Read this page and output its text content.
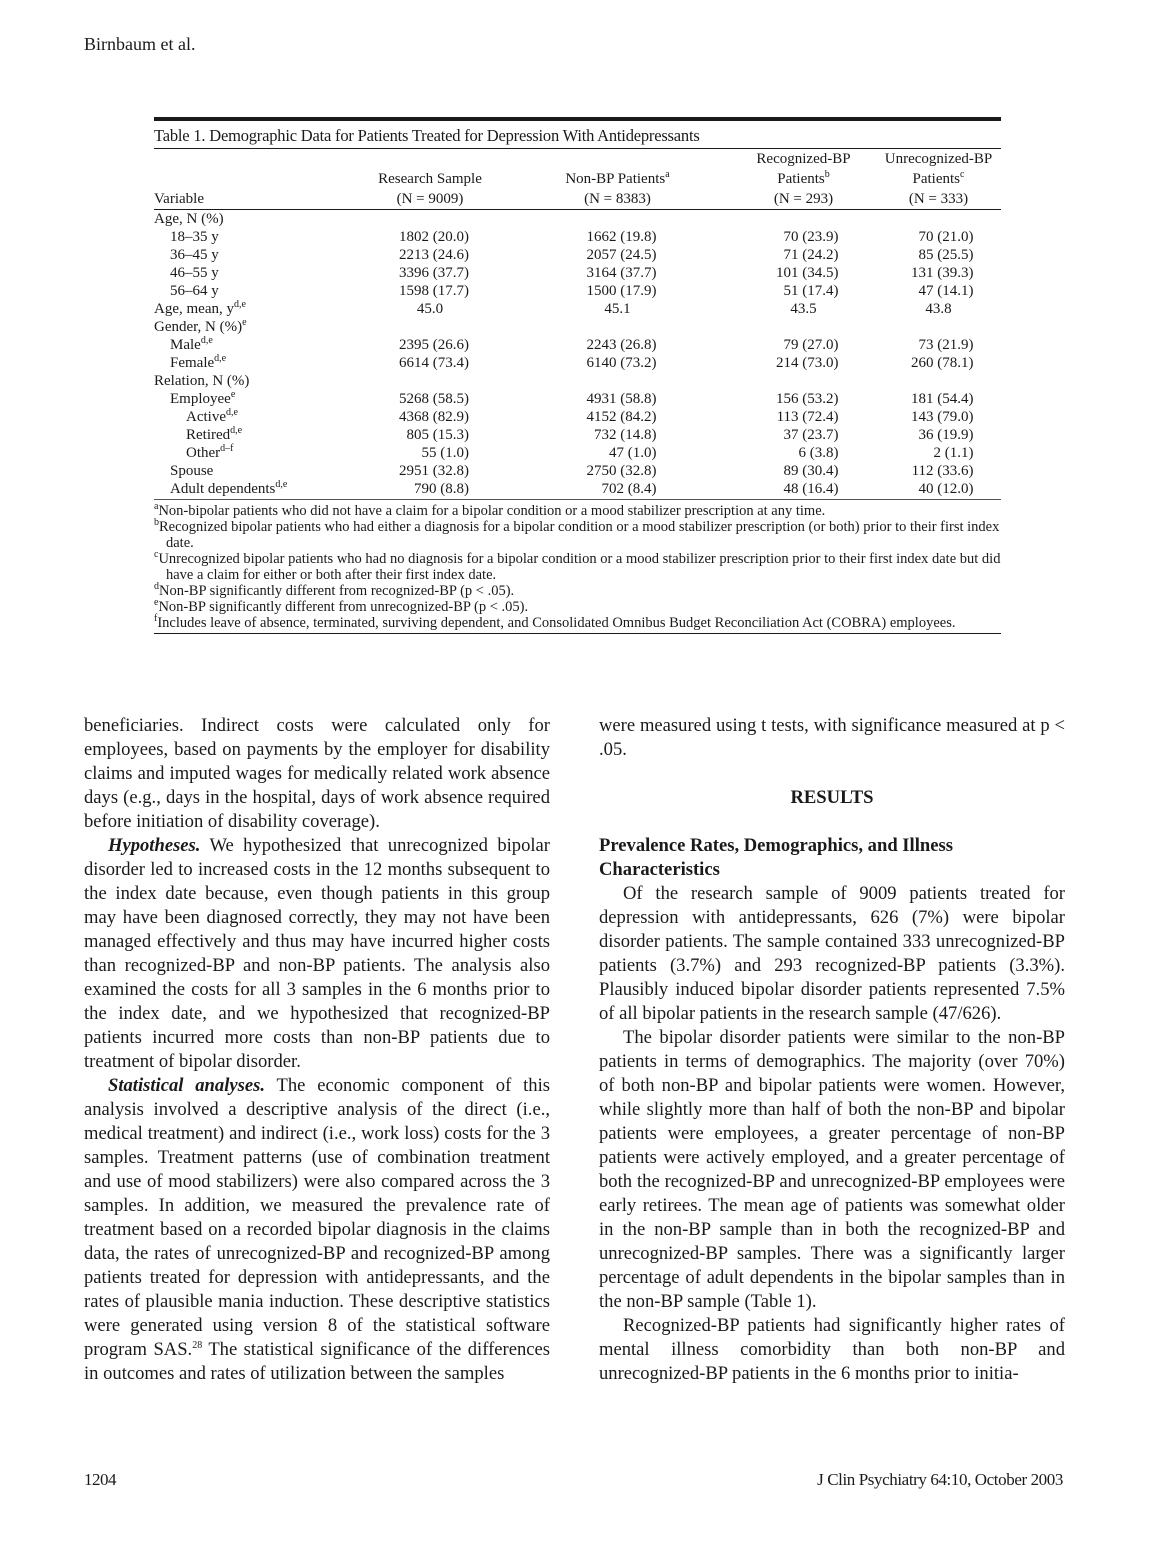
Birnbaum et al.
Table 1. Demographic Data for Patients Treated for Depression With Antidepressants
			Recognized-BP	Unrecognized-BP
	Research Sample	Non-BP Patients$^a$	Patients$^b$	Patients$^c$
Variable	(N = 9009)	(N = 8383)	(N = 293)	(N = 333)
Age, N (%)				
18–35 y	1802 (20.0)	1662 (19.8)	70 (23.9)	70 (21.0)
36–45 y	2213 (24.6)	2057 (24.5)	71 (24.2)	85 (25.5)
46–55 y	3396 (37.7)	3164 (37.7)	101 (34.5)	131 (39.3)
56–64 y	1598 (17.7)	1500 (17.9)	51 (17.4)	47 (14.1)
Age, mean, $y^{d,e}$	45.0	45.1	43.5	43.8
Gender, N (%)$^e$				
Male$^{d,e}$	2395 (26.6)	2243 (26.8)	79 (27.0)	73 (21.9)
Female$^{d,e}$	6614 (73.4)	6140 (73.2)	214 (73.0)	260 (78.1)
Relation, N (%)				
Employee$^e$	5268 (58.5)	4931 (58.8)	156 (53.2)	181 (54.4)
Active$^{d,e}$	4368 (82.9)	4152 (84.2)	113 (72.4)	143 (79.0)
Retired$^{d,e}$	805 (15.3)	732 (14.8)	37 (23.7)	36 (19.9)
Other$^{d-f}$	55 (1.0)	47 (1.0)	6 (3.8)	2 (1.1)
Spouse	2951 (32.8)	2750 (32.8)	89 (30.4)	112 (33.6)
Adult dependents$^{d,e}$	790 (8.8)	702 (8.4)	48 (16.4)	40 (12.0)
$^a$Non-bipolar patients who did not have a claim for a bipolar condition or a mood stabilizer prescription at any time.
$^b$Recognized bipolar patients who had either a diagnosis for a bipolar condition or a mood stabilizer prescription (or both) prior to their first index date.
$^c$Unrecognized bipolar patients who had no diagnosis for a bipolar condition or a mood stabilizer prescription prior to their first index date but did have a claim for either or both after their first index date.
$^d$Non-BP significantly different from recognized-BP (p < .05).
$^e$Non-BP significantly different from unrecognized-BP (p < .05).
$^f$Includes leave of absence, terminated, surviving dependent, and Consolidated Omnibus Budget Reconciliation Act (COBRA) employees.

beneficiaries. Indirect costs were calculated only for employees, based on payments by the employer for disability claims and imputed wages for medically related work absence days (e.g., days in the hospital, days of work absence required before initiation of disability coverage).

Hypotheses. We hypothesized that unrecognized bipolar disorder led to increased costs in the 12 months subsequent to the index date because, even though patients in this group may have been diagnosed correctly, they may not have been managed effectively and thus may have incurred higher costs than recognized-BP and non-BP patients. The analysis also examined the costs for all 3 samples in the 6 months prior to the index date, and we hypothesized that recognized-BP patients incurred more costs than non-BP patients due to treatment of bipolar disorder.

Statistical analyses. The economic component of this analysis involved a descriptive analysis of the direct (i.e., medical treatment) and indirect (i.e., work loss) costs for the 3 samples. Treatment patterns (use of combination treatment and use of mood stabilizers) were also compared across the 3 samples. In addition, we measured the prevalence rate of treatment based on a recorded bipolar diagnosis in the claims data, the rates of unrecognized-BP and recognized-BP among patients treated for depression with antidepressants, and the rates of plausible mania induction. These descriptive statistics were generated using version 8 of the statistical software program SAS.$^{28}$ The statistical significance of the differences in outcomes and rates of utilization between the samples

were measured using t tests, with significance measured at p < .05.

RESULTS

Prevalence Rates, Demographics, and Illness Characteristics

Of the research sample of 9009 patients treated for depression with antidepressants, 626 (7%) were bipolar disorder patients. The sample contained 333 unrecognized-BP patients (3.7%) and 293 recognized-BP patients (3.3%). Plausibly induced bipolar disorder patients represented 7.5% of all bipolar patients in the research sample (47/626).

The bipolar disorder patients were similar to the non-BP patients in terms of demographics. The majority (over 70%) of both non-BP and bipolar patients were women. However, while slightly more than half of both the non-BP and bipolar patients were employees, a greater percentage of non-BP patients were actively employed, and a greater percentage of both the recognized-BP and unrecognized-BP employees were early retirees. The mean age of patients was somewhat older in the non-BP sample than in both the recognized-BP and unrecognized-BP samples. There was a significantly larger percentage of adult dependents in the bipolar samples than in the non-BP sample (Table 1).

Recognized-BP patients had significantly higher rates of mental illness comorbidity than both non-BP and unrecognized-BP patients in the 6 months prior to initia-

1204	J Clin Psychiatry 64:10, October 2003
